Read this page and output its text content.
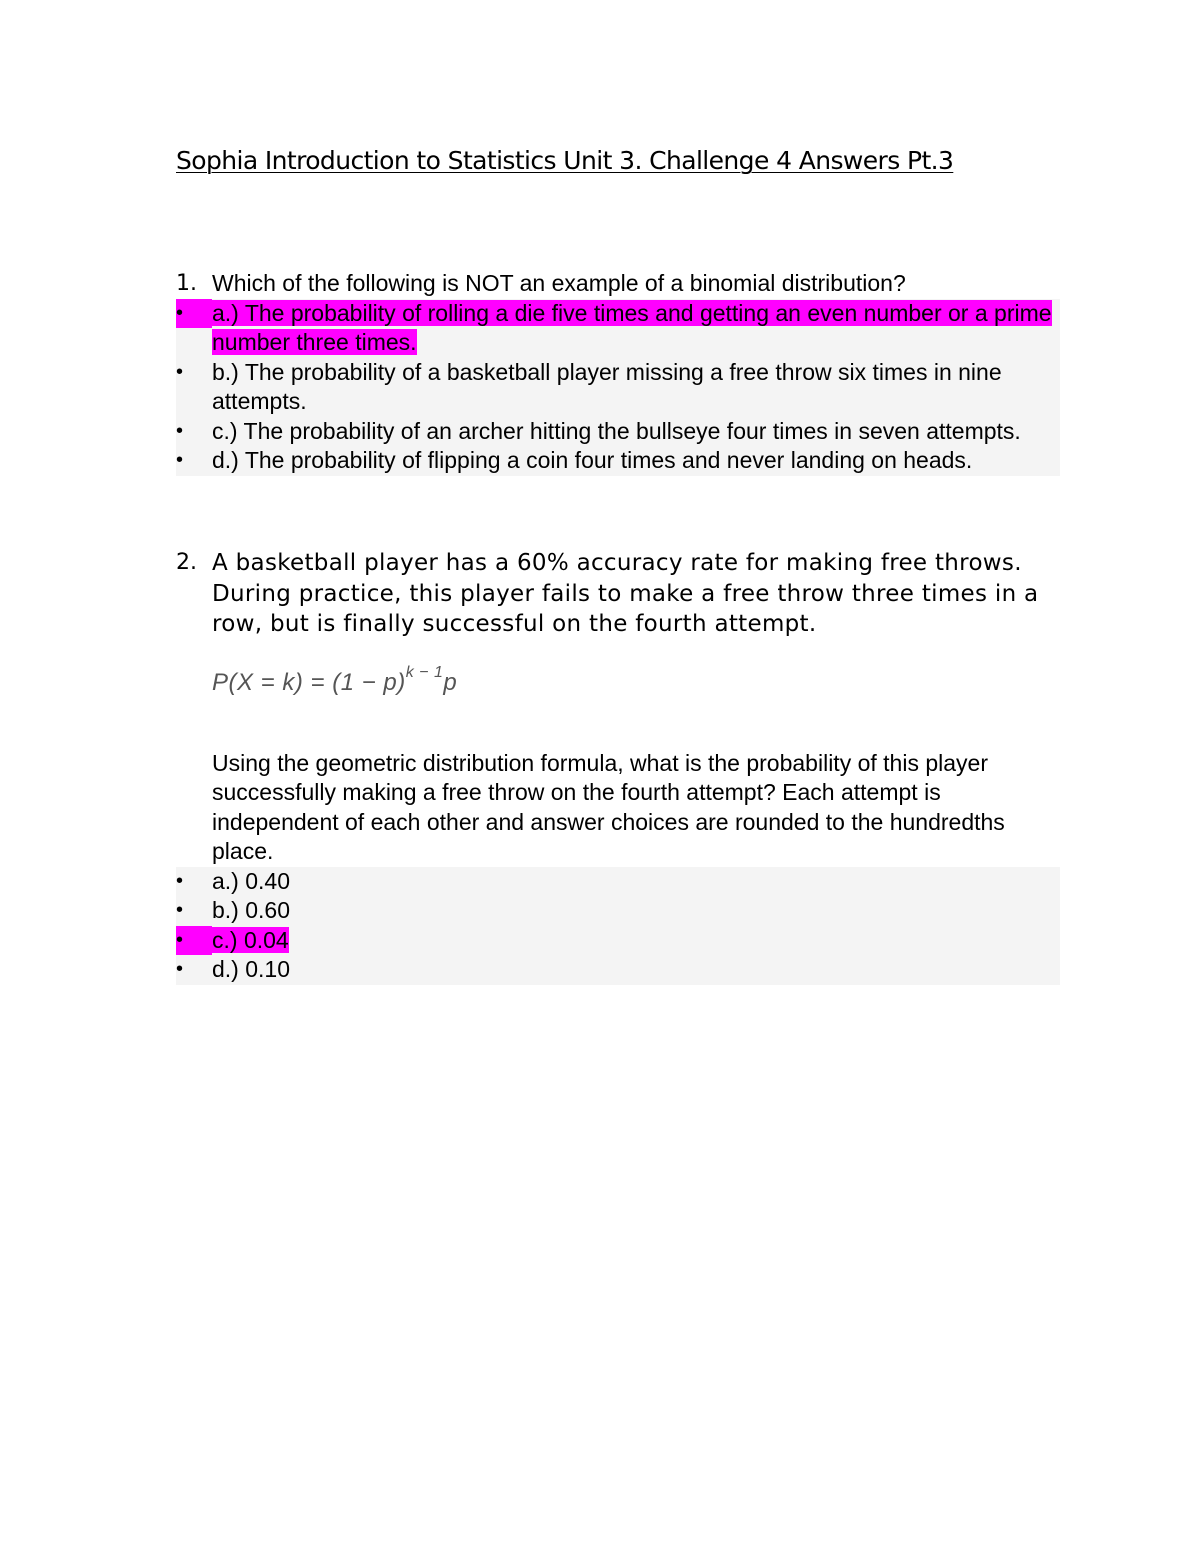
Sophia Introduction to Statistics Unit 3. Challenge 4 Answers Pt.3
1. Which of the following is NOT an example of a binomial distribution?
•	a.) The probability of rolling a die five times and getting an even number or a prime number three times.
•	b.) The probability of a basketball player missing a free throw six times in nine attempts.
•	c.) The probability of an archer hitting the bullseye four times in seven attempts.
•	d.) The probability of flipping a coin four times and never landing on heads.
2. A basketball player has a 60% accuracy rate for making free throws. During practice, this player fails to make a free throw three times in a row, but is finally successful on the fourth attempt.
$P(X = k) = (1 - p)^{k - 1}p$
Using the geometric distribution formula, what is the probability of this player successfully making a free throw on the fourth attempt? Each attempt is independent of each other and answer choices are rounded to the hundredths place.
•	a.) 0.40
•	b.) 0.60
•	c.) 0.04
•	d.) 0.10
